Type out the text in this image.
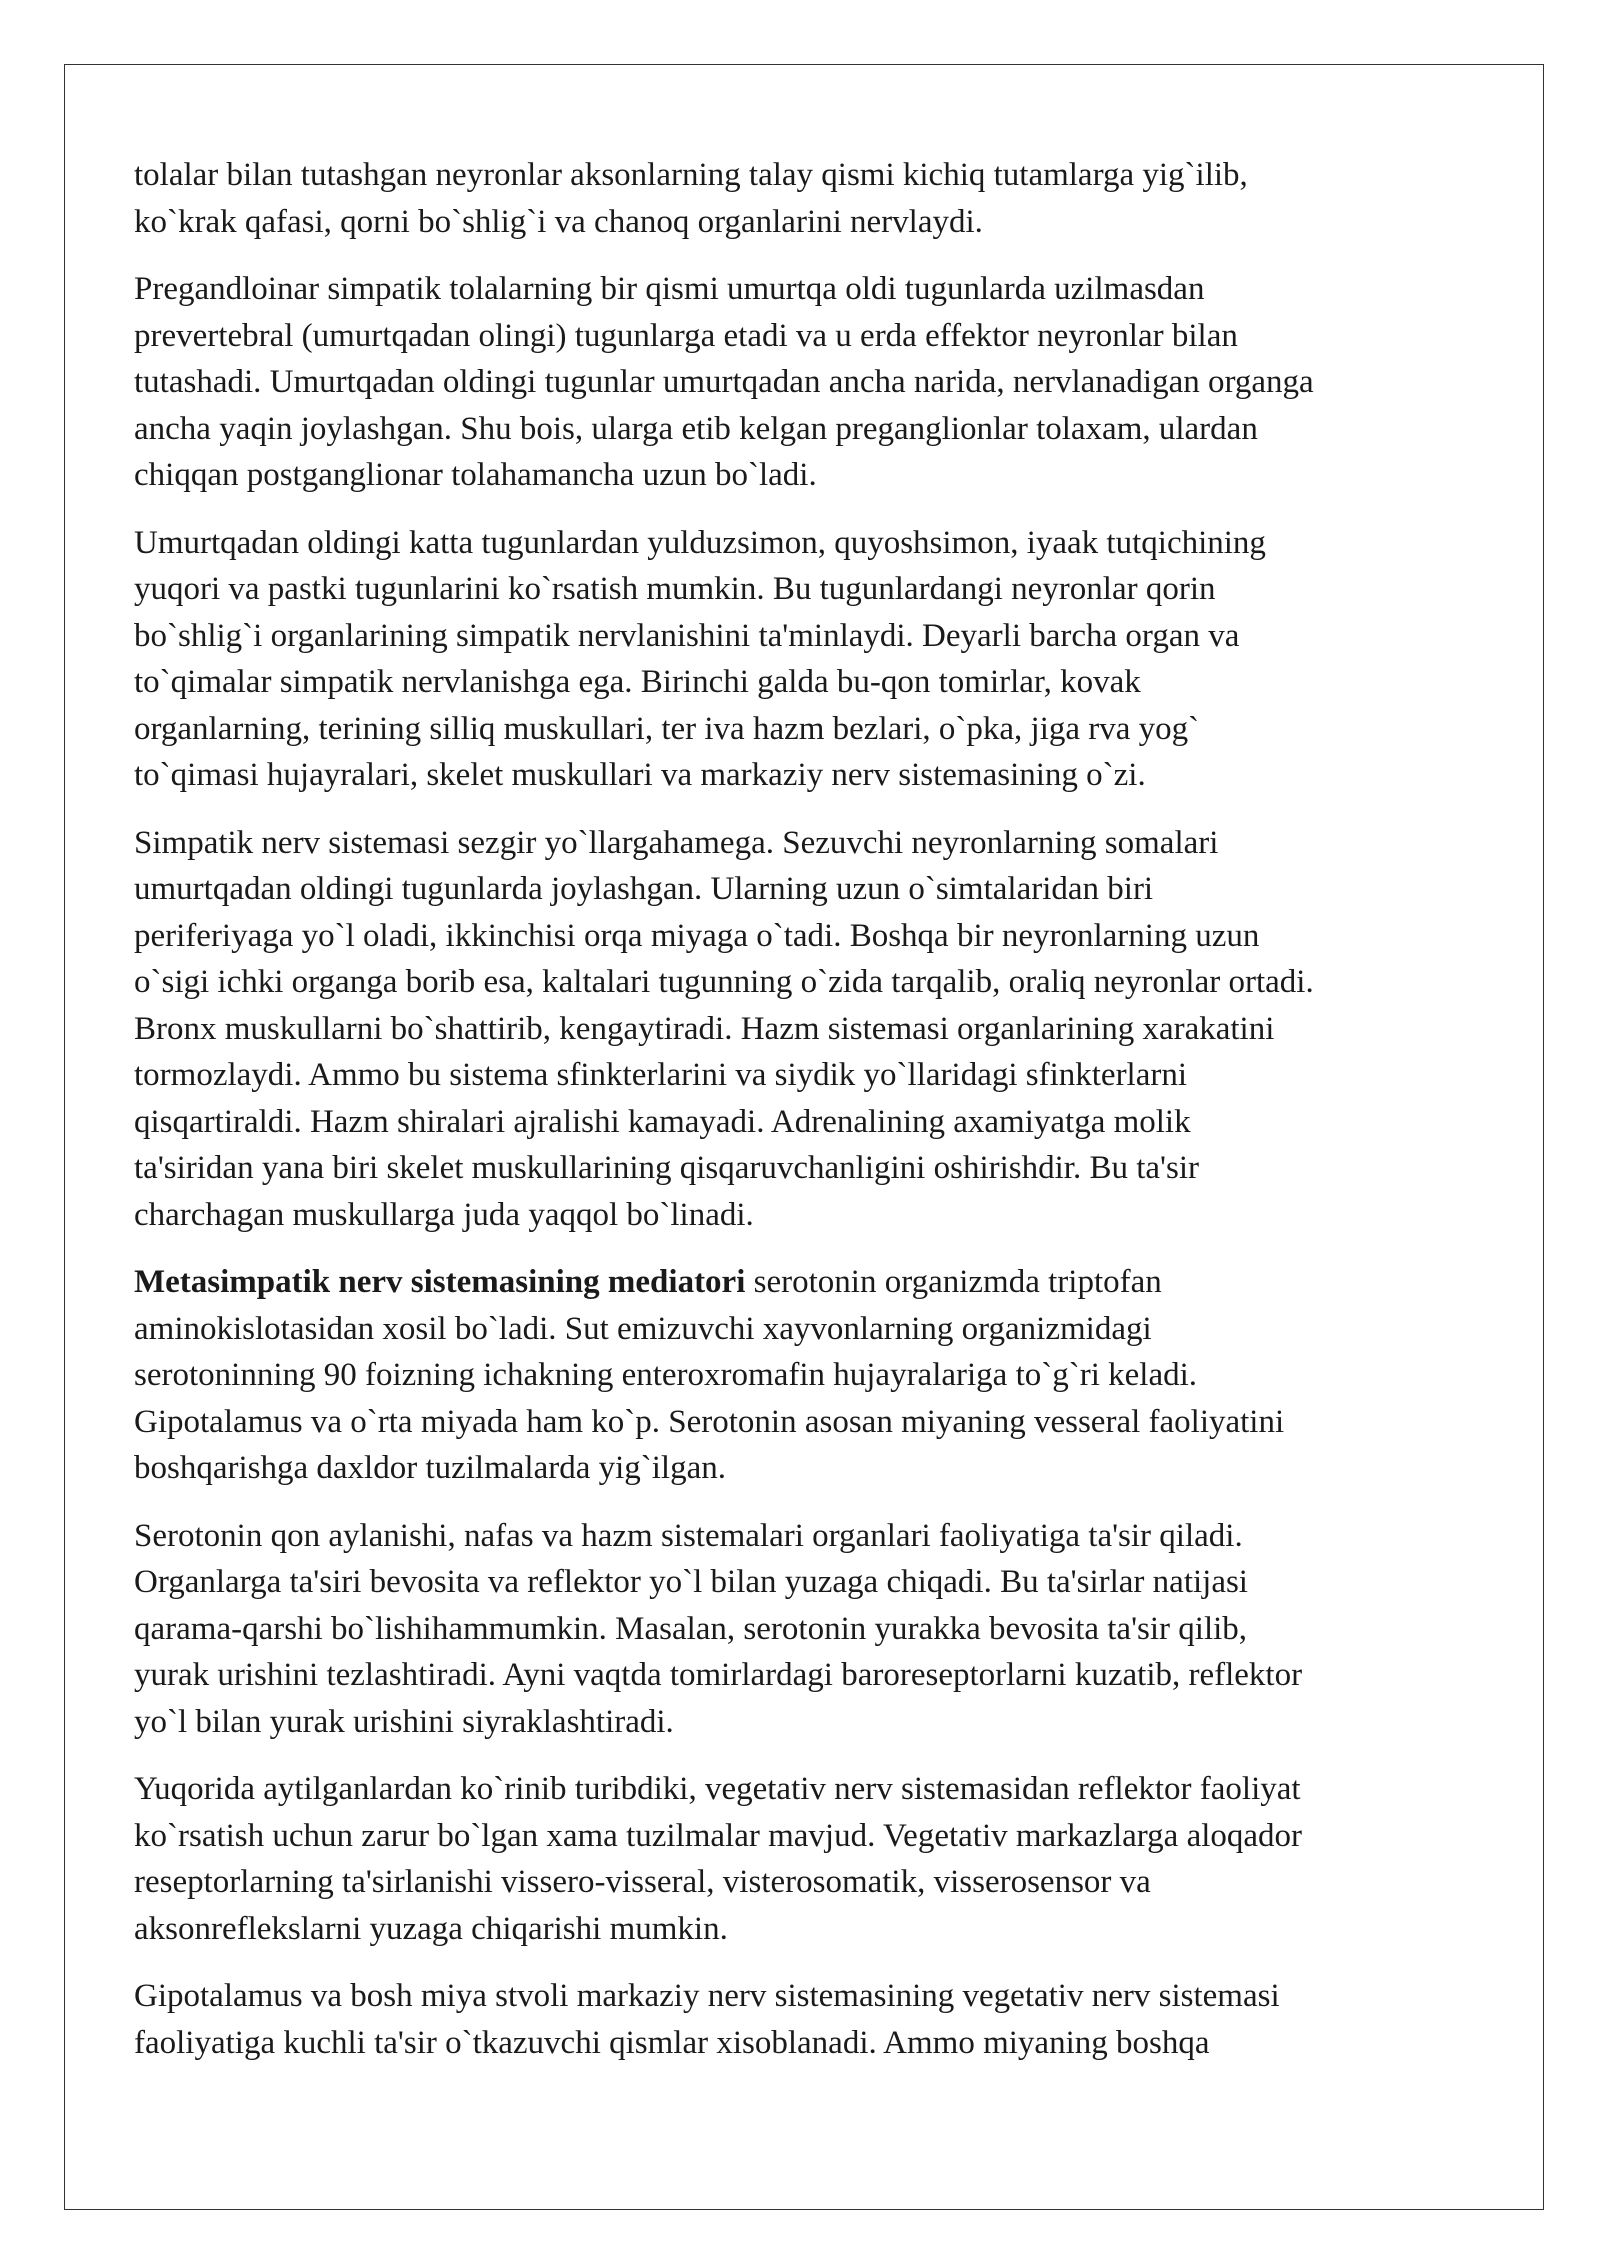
tolalar bilan tutashgan neyronlar aksonlarning talay qismi kichiq tutamlarga yig`ilib,
ko`krak qafasi, qorni bo`shlig`i va chanoq organlarini nervlaydi.

Pregandloinar simpatik tolalarning bir qismi umurtqa oldi tugunlarda uzilmasdan
prevertebral (umurtqadan olingi) tugunlarga etadi va u erda effektor neyronlar bilan
tutashadi. Umurtqadan oldingi tugunlar umurtqadan ancha narida, nervlanadigan organga
ancha yaqin joylashgan. Shu bois, ularga etib kelgan preganglionlar tolaxam, ulardan
chiqqan postganglionar tolahamancha uzun bo`ladi.

Umurtqadan oldingi katta tugunlardan yulduzsimon, quyoshsimon, iyaak tutqichining
yuqori va pastki tugunlarini ko`rsatish mumkin. Bu tugunlardangi neyronlar qorin
bo`shlig`i organlarining simpatik nervlanishini ta'minlaydi. Deyarli barcha organ va
to`qimalar simpatik nervlanishga ega. Birinchi galda bu-qon tomirlar, kovak
organlarning, terining silliq muskullari, ter iva hazm bezlari, o`pka, jiga rva yog`
to`qimasi hujayralari, skelet muskullari va markaziy nerv sistemasining o`zi.

Simpatik nerv sistemasi sezgir yo`llargahamega. Sezuvchi neyronlarning somalari
umurtqadan oldingi tugunlarda joylashgan. Ularning uzun o`simtalaridan biri
periferiyaga yo`l oladi, ikkinchisi orqa miyaga o`tadi. Boshqa bir neyronlarning uzun
o`sigi ichki organga borib esa, kaltalari tugunning o`zida tarqalib, oraliq neyronlar ortadi.
Bronx muskullarni bo`shattirib, kengaytiradi. Hazm sistemasi organlarining xarakatini
tormozlaydi. Ammo bu sistema sfinkterlarini va siydik yo`llaridagi sfinkterlarni
qisqartiraldi. Hazm shiralari ajralishi kamayadi. Adrenalining axamiyatga molik
ta'siridan yana biri skelet muskullarining qisqaruvchanligini oshirishdir. Bu ta'sir
charchagan muskullarga juda yaqqol bo`linadi.

Metasimpatik nerv sistemasining mediatori serotonin organizmda triptofan
aminokislotasidan xosil bo`ladi. Sut emizuvchi xayvonlarning organizmidagi
serotoninning 90 foizning ichakning enteroxromafin hujayralariga to`g`ri keladi.
Gipotalamus va o`rta miyada ham ko`p. Serotonin asosan miyaning vesseral faoliyatini
boshqarishga daxldor tuzilmalarda yig`ilgan.

Serotonin qon aylanishi, nafas va hazm sistemalari organlari faoliyatiga ta'sir qiladi.
Organlarga ta'siri bevosita va reflektor yo`l bilan yuzaga chiqadi. Bu ta'sirlar natijasi
qarama-qarshi bo`lishihammumkin. Masalan, serotonin yurakka bevosita ta'sir qilib,
yurak urishini tezlashtiradi. Ayni vaqtda tomirlardagi baroreseptorlarni kuzatib, reflektor
yo`l bilan yurak urishini siyraklashtiradi.

Yuqorida aytilganlardan ko`rinib turibdiki, vegetativ nerv sistemasidan reflektor faoliyat
ko`rsatish uchun zarur bo`lgan xama tuzilmalar mavjud. Vegetativ markazlarga aloqador
reseptorlarning ta'sirlanishi vissero-visseral, visterosomatik, visserosensor va
aksonreflekslarni yuzaga chiqarishi mumkin.

Gipotalamus va bosh miya stvoli markaziy nerv sistemasining vegetativ nerv sistemasi
faoliyatiga kuchli ta'sir o`tkazuvchi qismlar xisoblanadi. Ammo miyaning boshqa
